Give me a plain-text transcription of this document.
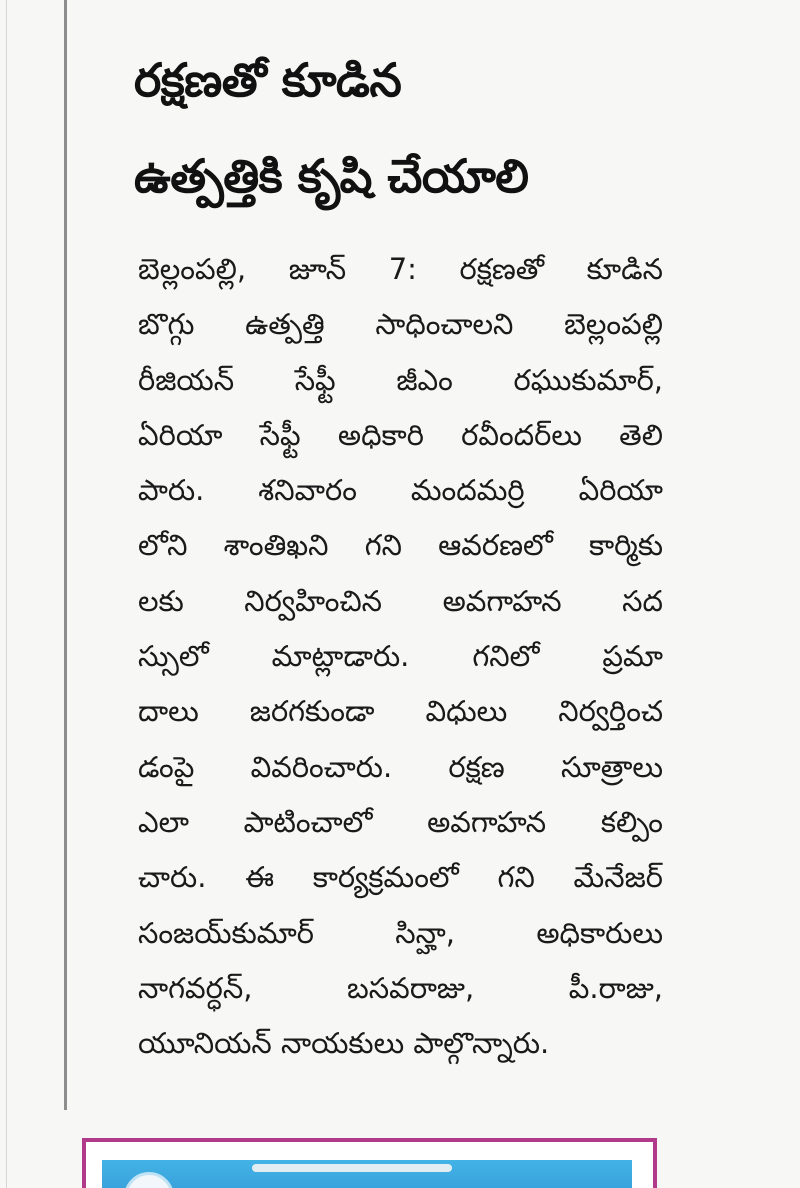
రక్షణతో కూడిన
ఉత్పత్తికి కృషి చేయాలి
బెల్లంపల్లి, జూన్ 7: రక్షణతో కూడిన
బొగ్గు ఉత్పత్తి సాధించాలని బెల్లంపల్లి
రీజియన్ సేఫ్టీ జీఎం రఘుకుమార్,
ఏరియా సేఫ్టీ అధికారి రవీందర్‌లు తెలి
పారు. శనివారం మందమర్రి ఏరియా
లోని శాంతిఖని గని ఆవరణలో కార్మికు
లకు నిర్వహించిన అవగాహన సద
స్సులో మాట్లాడారు. గనిలో ప్రమా
దాలు జరగకుండా విధులు నిర్వర్తించ
డంపై వివరించారు. రక్షణ సూత్రాలు
ఎలా పాటించాలో అవగాహన కల్పిం
చారు. ఈ కార్యక్రమంలో గని మేనేజర్
సంజయ్‌కుమార్ సిన్హా, అధికారులు
నాగవర్ధన్, బసవరాజు, పీ.రాజు,
యూనియన్ నాయకులు పాల్గొన్నారు.
